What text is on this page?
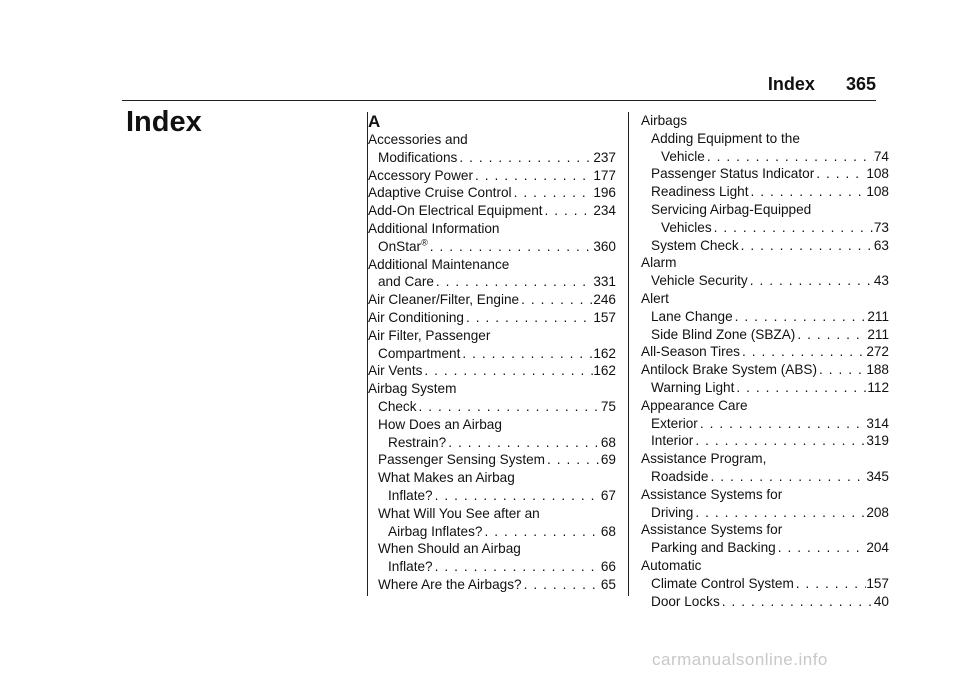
Index 365
Index	A
Accessories and
Modifications . . .	237
Accessory Power . . .	177
Adaptive Cruise Control . . .	196
Add-On Electrical Equipment . . .	234
Additional Information
OnStar® . . .	360
Additional Maintenance
and Care . . .	331
Air Cleaner/Filter, Engine . . .	246
Air Conditioning . . .	157
Air Filter, Passenger
Compartment . . .	162
Air Vents . . .	162
Airbag System
Check . . .	75
How Does an Airbag
Restrain? . . .	68
Passenger Sensing System . . .	69
What Makes an Airbag
Inflate? . . .	67
What Will You See after an
Airbag Inflates? . . .	68
When Should an Airbag
Inflate? . . .	66
Where Are the Airbags? . . .	65
Airbags
Adding Equipment to the
Vehicle . . .	74
Passenger Status Indicator . . .	108
Readiness Light . . .	108
Servicing Airbag-Equipped
Vehicles . . .	73
System Check . . .	63
Alarm
Vehicle Security . . .	43
Alert
Lane Change . . .	211
Side Blind Zone (SBZA) . . .	211
All-Season Tires . . .	272
Antilock Brake System (ABS) . . .	188
Warning Light . . .	112
Appearance Care
Exterior . . .	314
Interior . . .	319
Assistance Program,
Roadside . . .	345
Assistance Systems for
Driving . . .	208
Assistance Systems for
Parking and Backing . . .	204
Automatic
Climate Control System . . .	157
Door Locks . . .	40
carmanualsonline.info
